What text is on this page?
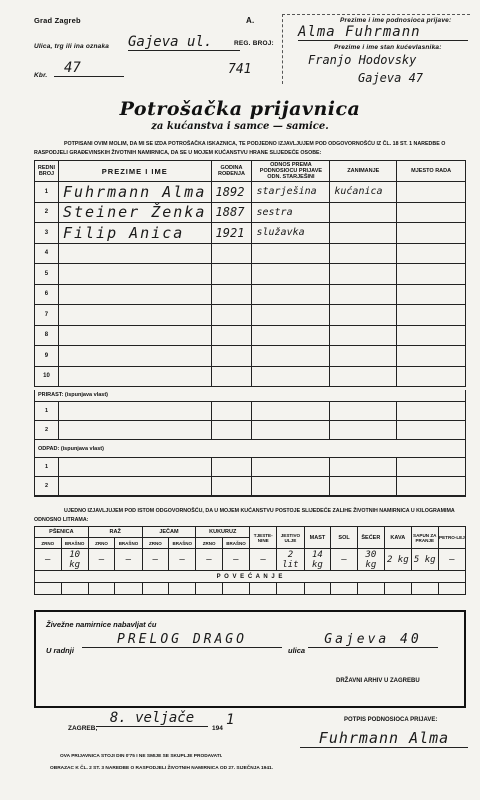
Grad Zagreb
Ulica, trg ili ina oznaka Gajeva ul.
Kbr.	47
A.
REG. BROJ:
741
Prezime i ime podnosioca prijave:
Alma Fuhrmann
Prezime i ime stan kućevlasnika:
Franjo Hodovsky
Gajeva 47
Potrošačka prijavnica
za kućanstva i samce — samice.
POTPISANI OVIM MOLIM, DA MI SE IZDA POTROŠAČKA ISKAZNICA, TE PODJEDNO IZJAVLJUJEM POD ODGOVORNOŠĆU IZ ČL. 18 ST. 1 NAREDBE O RASPODJELI GRAĐEVINSKIH ŽIVOTNIH NAMIRNICA, DA SE U MOJEM KUĆANSTVU HRANE SLIJEDEĆE OSOBE:
REDNI BROJ	PREZIME I IME	GODINA ROĐENJA	ODNOS PREMA PODNOSIOCU PRIJAVE ODN. STARJEŠINI	ZANIMANJE	MJESTO RADA
1	Fuhrmann Alma	1892	starješina	kućanica	
2	Steiner Ženka	1887	sestra		
3	Filip Anica	1921	služavka		
4					
5					
6					
7					
8					
9					
10					
PRIRAST: (ispunjava vlast)
ODPAD: (ispunjava vlast)
1					
2					
1					
2					
UJEDNO IZJAVLJUJEM POD ISTOM ODGOVORNOŠĆU, DA U MOJEM KUĆANSTVU POSTOJE SLIJEDEĆE ZALIHE ŽIVOTNIH NAMIRNICA U KILOGRAMIMA ODNOSNO LITRAMA:
PŠENICA		RAŽ		JEČAM		KUKURUZ		TJESTE-NINE	JESTIVO ULJE	MAST	SOL	ŠEĆER	KAVA	SAPUN ZA PRANJE	PETRO-LEJ
ZRNO	BRAŠNO	ZRNO	BRAŠNO	ZRNO	BRAŠNO	ZRNO	BRAŠNO								
—	10 kg	—	—	—	—	—	—	—	2 lit	14 kg	—	30 kg	2 kg	5 kg	—
P O V E Ć A N J E															

Živežne namirnice nabavljat ću
U radnji
PRELOG DRAGO
ulica
Gajeva 40
DRŽAVNI ARHIV U ZAGREBU
ZAGREB,
8. veljače
194
1	POTPIS PODNOSIOCA PRIJAVE:
Fuhrmann Alma
OVA PRIJAVNICA STOJI DIN 0'75 I NE SMIJE SE SKUPLJE PRODAVATI.
OBRAZAC K ČL. 2 ST. 3 NAREDBE O RASPODJELI ŽIVOTNIH NAMIRNICA OD 27. SIJEČNJA 1941.
